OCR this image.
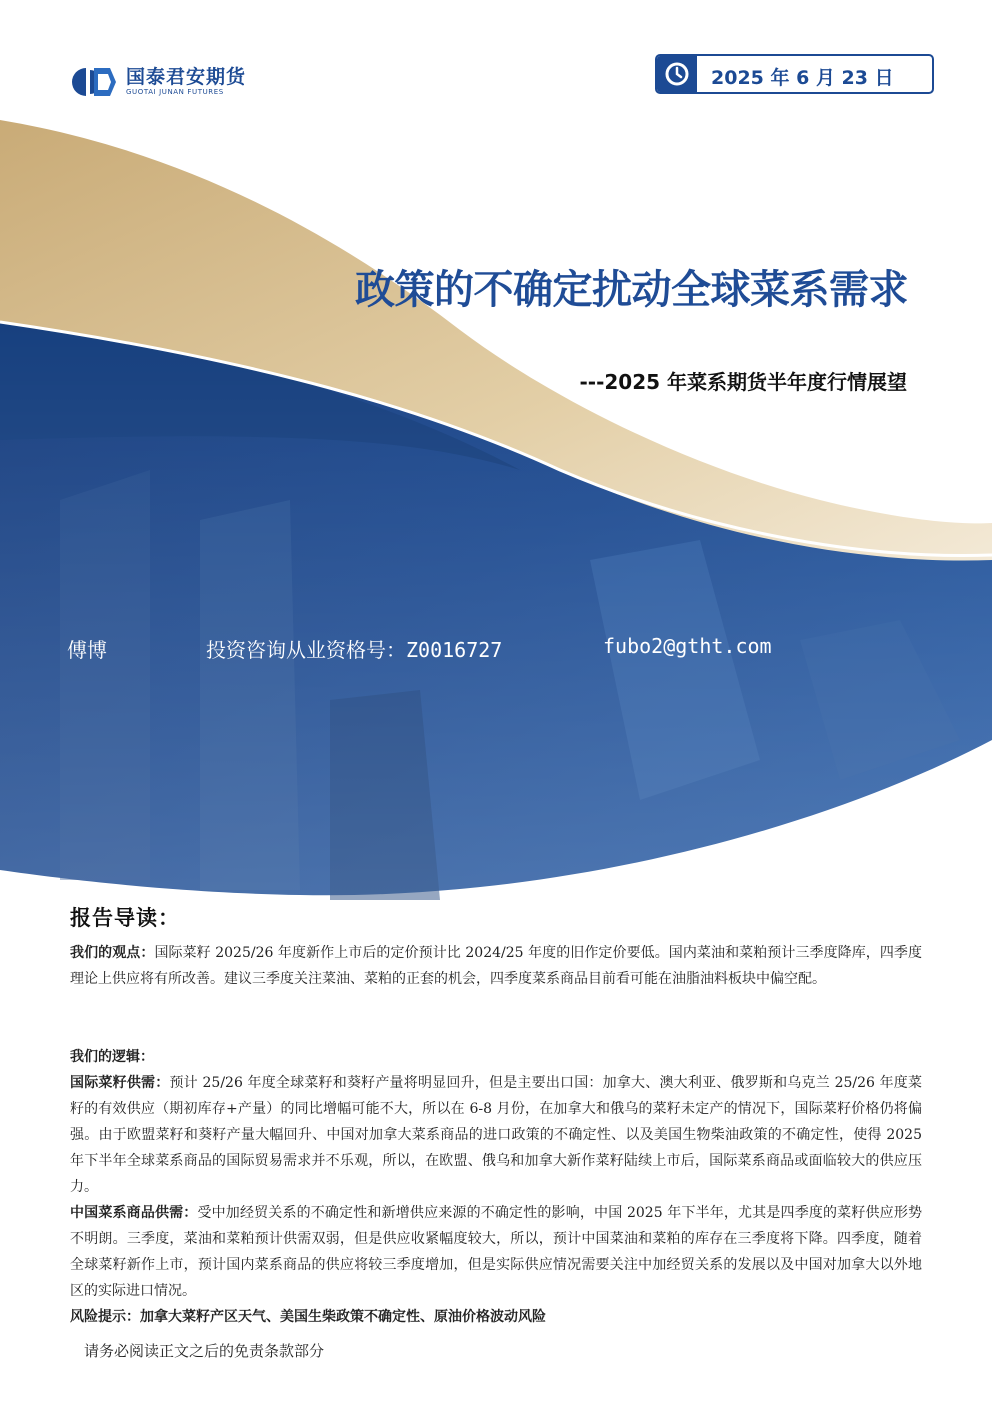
国泰君安期货
GUOTAI JUNAN FUTURES
2025 年 6 月 23 日
政策的不确定扰动全球菜系需求
---2025 年菜系期货半年度行情展望
傅博	投资咨询从业资格号：Z0016727	fubo2@gtht.com
报告导读：

我们的观点：国际菜籽 2025/26 年度新作上市后的定价预计比 2024/25 年度的旧作定价要低。国内菜油和菜粕预计三季度降库，四季度理论上供应将有所改善。建议三季度关注菜油、菜粕的正套的机会，四季度菜系商品目前看可能在油脂油料板块中偏空配。

我们的逻辑：

国际菜籽供需：预计 25/26 年度全球菜籽和葵籽产量将明显回升，但是主要出口国：加拿大、澳大利亚、俄罗斯和乌克兰 25/26 年度菜籽的有效供应（期初库存+产量）的同比增幅可能不大，所以在 6-8 月份，在加拿大和俄乌的菜籽未定产的情况下，国际菜籽价格仍将偏强。由于欧盟菜籽和葵籽产量大幅回升、中国对加拿大菜系商品的进口政策的不确定性、以及美国生物柴油政策的不确定性，使得 2025 年下半年全球菜系商品的国际贸易需求并不乐观，所以，在欧盟、俄乌和加拿大新作菜籽陆续上市后，国际菜系商品或面临较大的供应压力。

中国菜系商品供需：受中加经贸关系的不确定性和新增供应来源的不确定性的影响，中国 2025 年下半年，尤其是四季度的菜籽供应形势不明朗。三季度，菜油和菜粕预计供需双弱，但是供应收紧幅度较大，所以，预计中国菜油和菜粕的库存在三季度将下降。四季度，随着全球菜籽新作上市，预计国内菜系商品的供应将较三季度增加，但是实际供应情况需要关注中加经贸关系的发展以及中国对加拿大以外地区的实际进口情况。

风险提示：加拿大菜籽产区天气、美国生柴政策不确定性、原油价格波动风险

请务必阅读正文之后的免责条款部分
